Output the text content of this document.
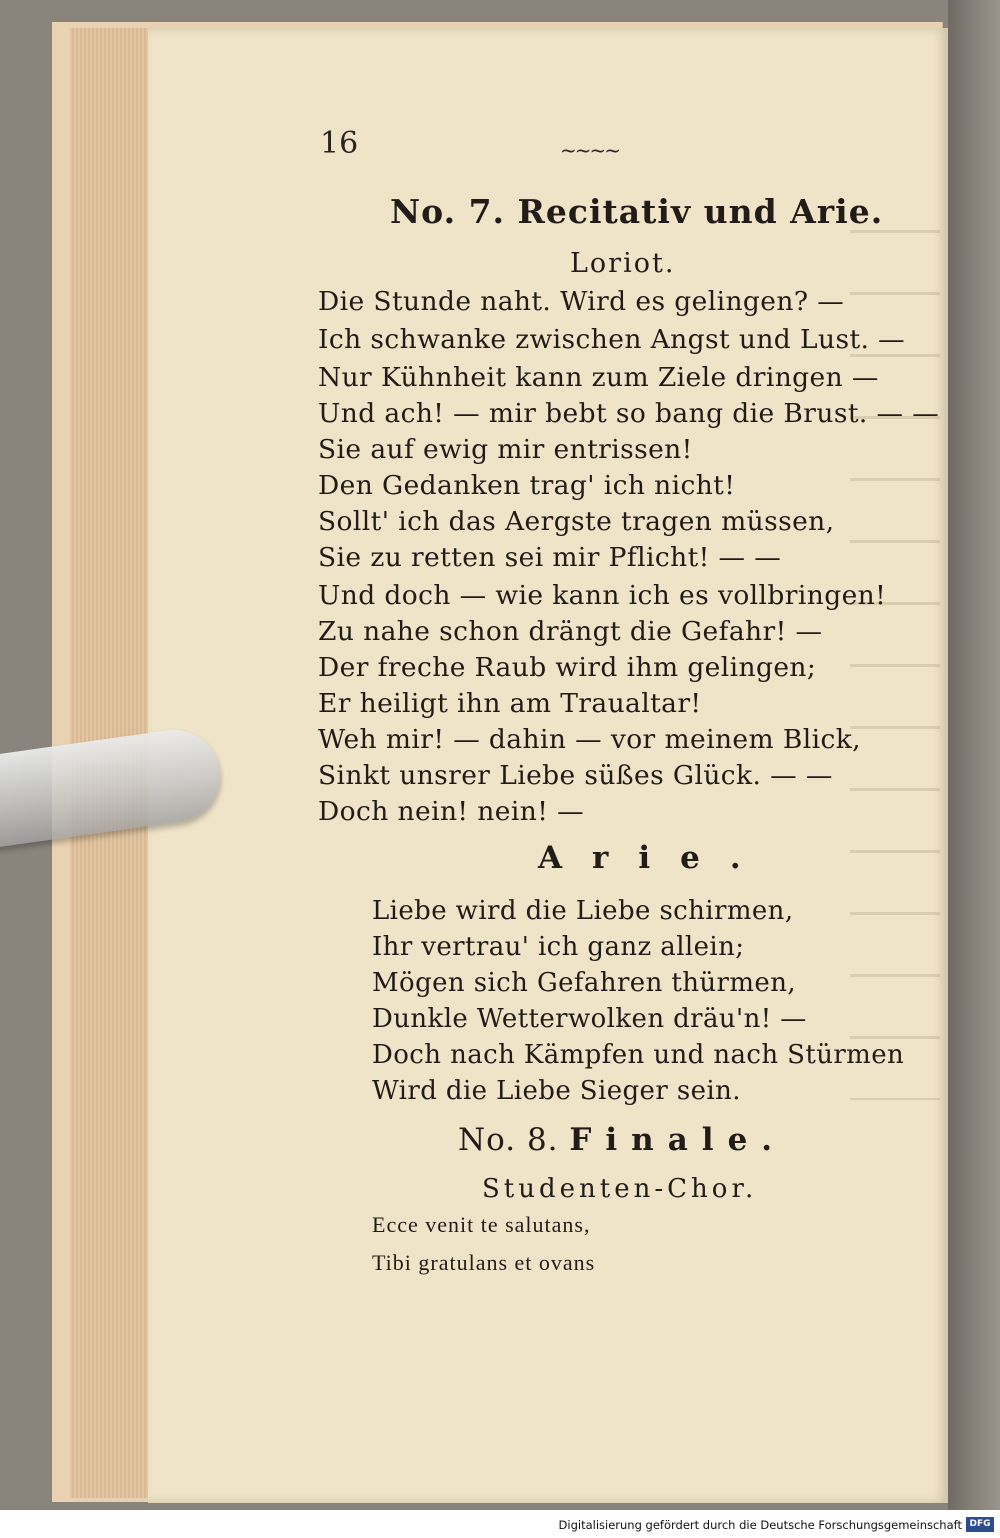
16	~~~~
No. 7. Recitativ und Arie.
Loriot.
Die Stunde naht. Wird es gelingen? —
Ich schwanke zwischen Angst und Lust. —
Nur Kühnheit kann zum Ziele dringen —
Und ach! — mir bebt so bang die Brust. — —
Sie auf ewig mir entrissen!
Den Gedanken trag' ich nicht!
Sollt' ich das Aergste tragen müssen,
Sie zu retten sei mir Pflicht! — —
Und doch — wie kann ich es vollbringen!
Zu nahe schon drängt die Gefahr! —
Der freche Raub wird ihm gelingen;
Er heiligt ihn am Traualtar!
Weh mir! — dahin — vor meinem Blick,
Sinkt unsrer Liebe süßes Glück. — —
Doch nein! nein! —
Arie.
Liebe wird die Liebe schirmen,
Ihr vertrau' ich ganz allein;
Mögen sich Gefahren thürmen,
Dunkle Wetterwolken dräu'n! —
Doch nach Kämpfen und nach Stürmen
Wird die Liebe Sieger sein.
No. 8. Finale.
Studenten-Chor.
Ecce venit te salutans,
Tibi gratulans et ovans
Digitalisierung gefördert durch die Deutsche Forschungsgemeinschaft DFG
